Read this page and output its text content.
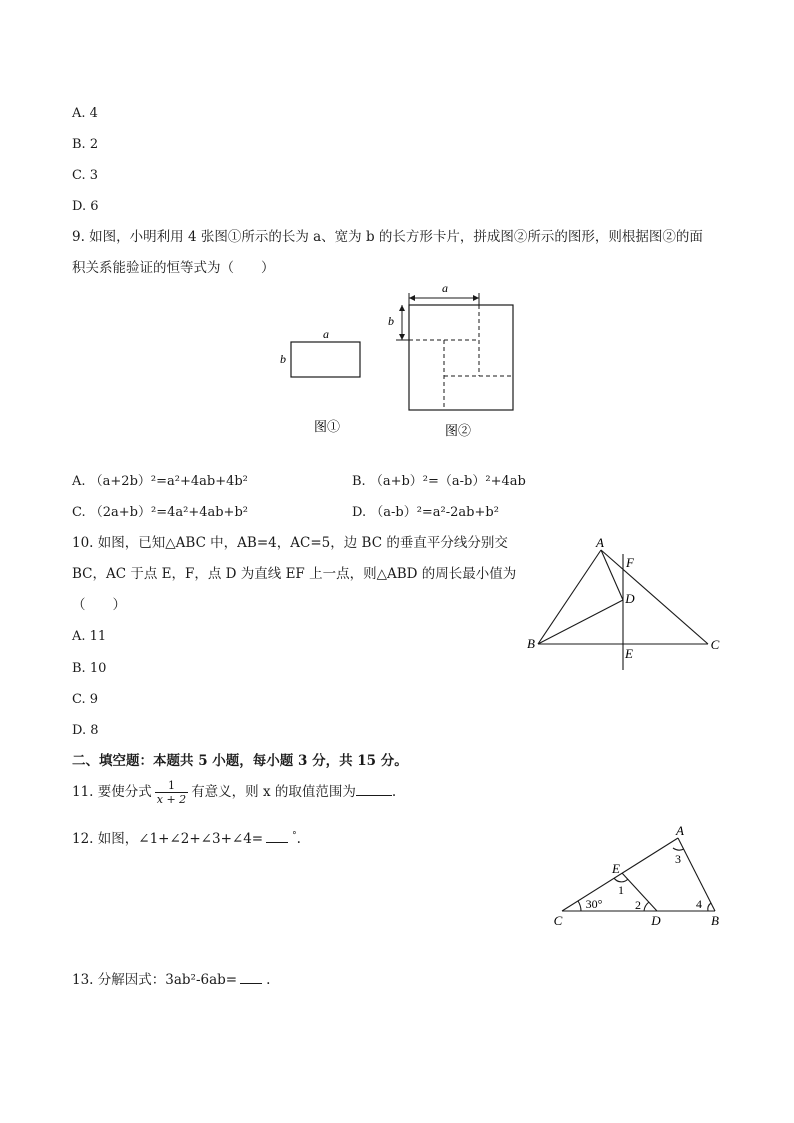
A. 4
B. 2
C. 3
D. 6
9. 如图，小明利用 4 张图①所示的长为 a、宽为 b 的长方形卡片，拼成图②所示的图形，则根据图②的面
积关系能验证的恒等式为（　　）
a
b
图①
a
b
图②
A. （a+2b）²=a²+4ab+4b²	B. （a+b）²=（a-b）²+4ab
C. （2a+b）²=4a²+4ab+b²	D. （a-b）²=a²-2ab+b²
10. 如图，已知△ABC 中，AB=4，AC=5，边 BC 的垂直平分线分别交
BC，AC 于点 E，F，点 D 为直线 EF 上一点，则△ABD 的周长最小值为
（　　）
A. 11
B. 10
C. 9
D. 8
A
F
D
B	C
E
二、填空题：本题共 5 小题，每小题 3 分，共 15 分。
11. 要使分式 $\frac{1}{x + 2}$ 有意义，则 x 的取值范围为	.
12. 如图，∠1+∠2+∠3+∠4=	°.
A
E
C	D	B
30°
1
2
3
4
13. 分解因式：3ab²-6ab= .
